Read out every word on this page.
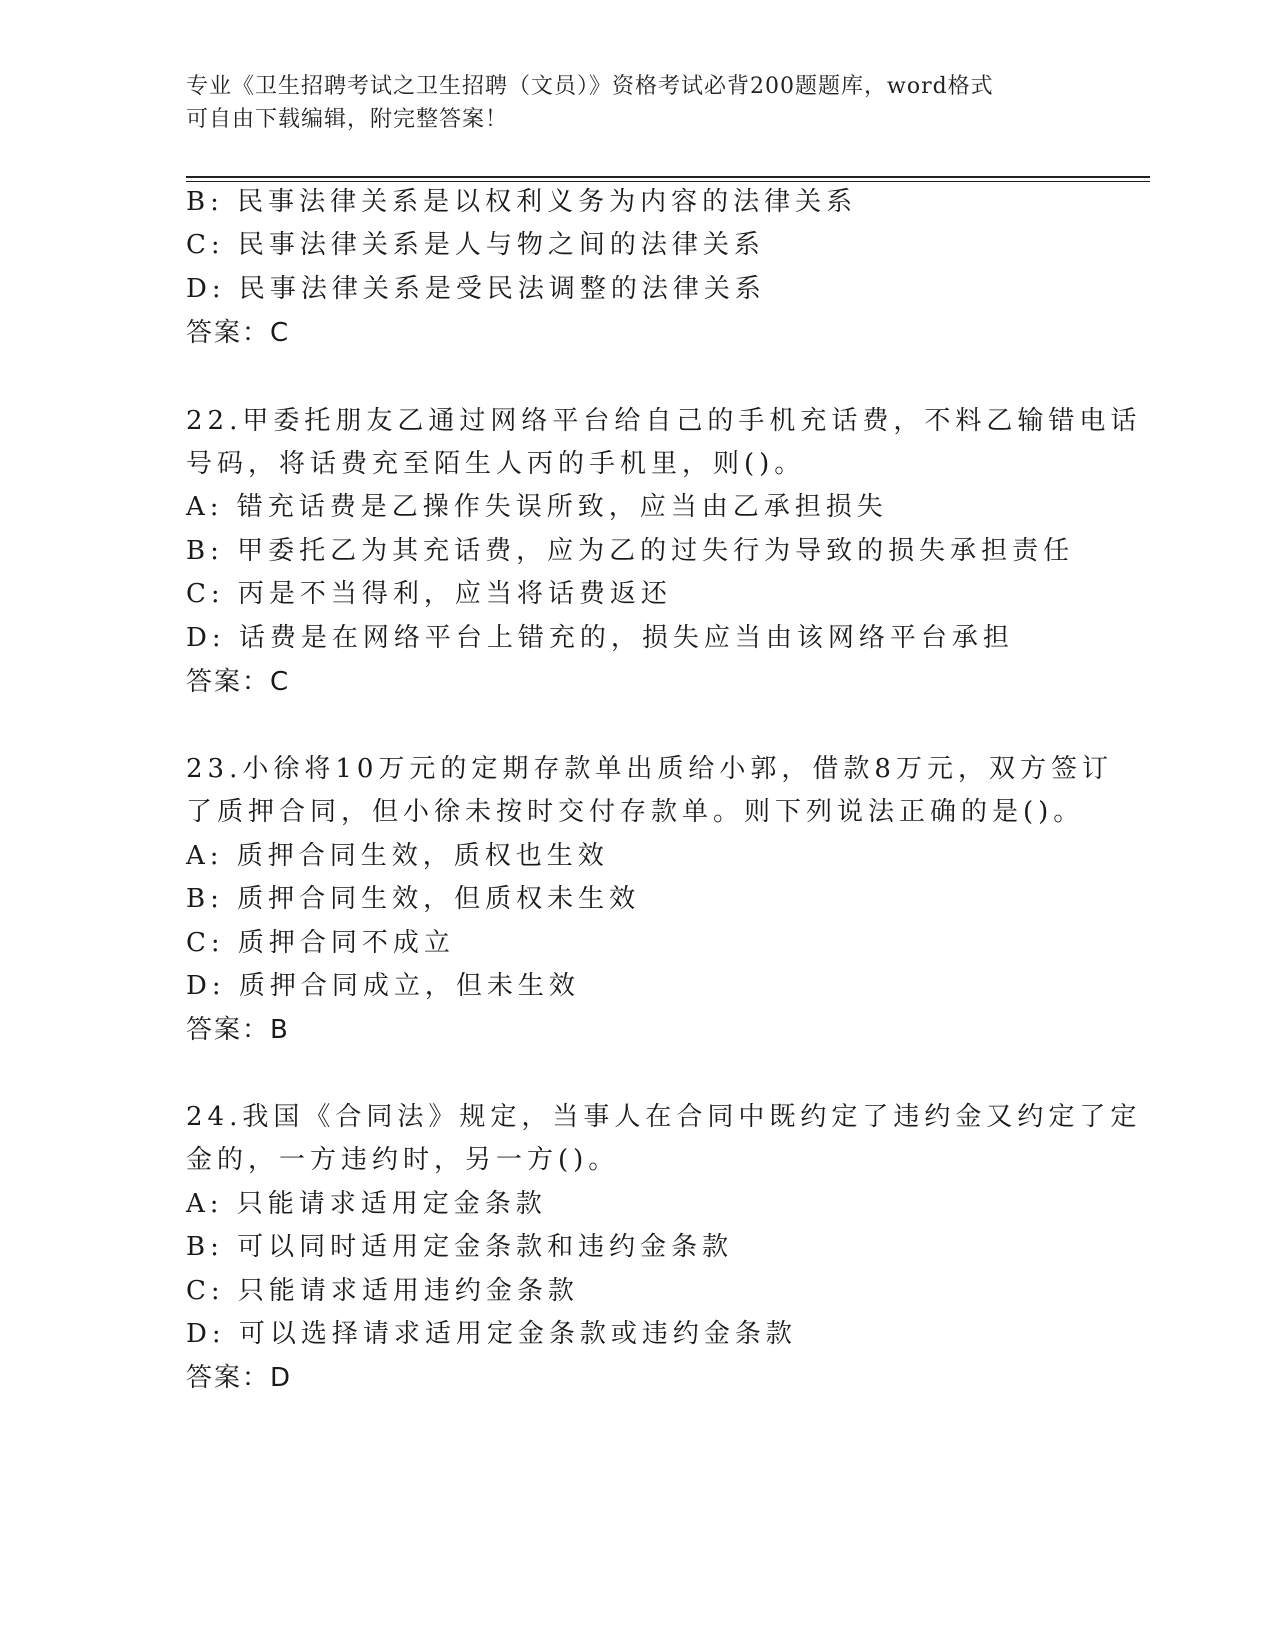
专业《卫生招聘考试之卫生招聘（文员）》资格考试必背200题题库，word格式
可自由下载编辑，附完整答案！
B: 民事法律关系是以权利义务为内容的法律关系
C: 民事法律关系是人与物之间的法律关系
D: 民事法律关系是受民法调整的法律关系
答案：C
22.甲委托朋友乙通过网络平台给自己的手机充话费，不料乙输错电话
号码，将话费充至陌生人丙的手机里，则()。
A: 错充话费是乙操作失误所致，应当由乙承担损失
B: 甲委托乙为其充话费，应为乙的过失行为导致的损失承担责任
C: 丙是不当得利，应当将话费返还
D: 话费是在网络平台上错充的，损失应当由该网络平台承担
答案：C
23.小徐将10万元的定期存款单出质给小郭，借款8万元，双方签订
了质押合同，但小徐未按时交付存款单。则下列说法正确的是()。
A: 质押合同生效，质权也生效
B: 质押合同生效，但质权未生效
C: 质押合同不成立
D: 质押合同成立，但未生效
答案：B
24.我国《合同法》规定，当事人在合同中既约定了违约金又约定了定
金的，一方违约时，另一方()。
A: 只能请求适用定金条款
B: 可以同时适用定金条款和违约金条款
C: 只能请求适用违约金条款
D: 可以选择请求适用定金条款或违约金条款
答案：D
